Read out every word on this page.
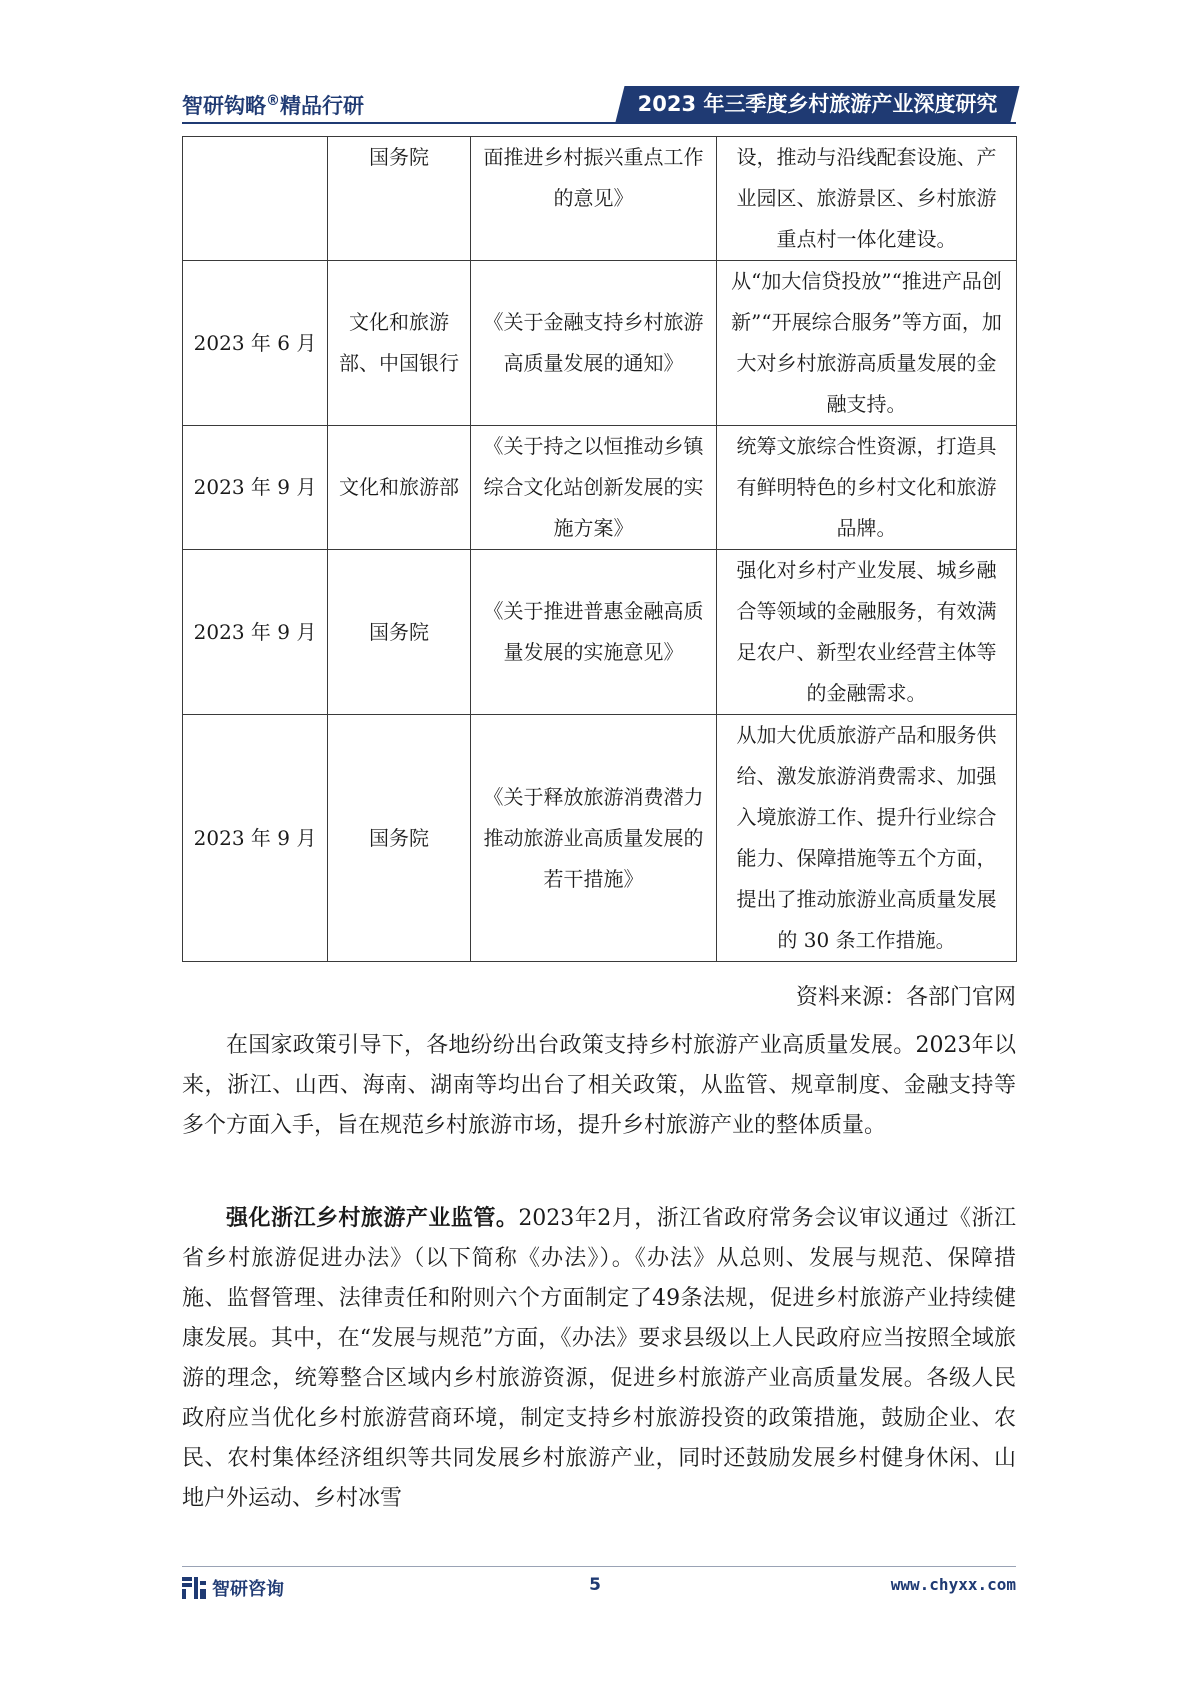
智研钩略®精品行研	2023 年三季度乡村旅游产业深度研究
	国务院	面推进乡村振兴重点工作的意见》	设，推动与沿线配套设施、产业园区、旅游景区、乡村旅游重点村一体化建设。
2023 年 6 月	文化和旅游部、中国银行	《关于金融支持乡村旅游高质量发展的通知》	从“加大信贷投放”“推进产品创新”“开展综合服务”等方面，加大对乡村旅游高质量发展的金融支持。
2023 年 9 月	文化和旅游部	《关于持之以恒推动乡镇综合文化站创新发展的实施方案》	统筹文旅综合性资源，打造具有鲜明特色的乡村文化和旅游品牌。
2023 年 9 月	国务院	《关于推进普惠金融高质量发展的实施意见》	强化对乡村产业发展、城乡融合等领域的金融服务，有效满足农户、新型农业经营主体等的金融需求。
2023 年 9 月	国务院	《关于释放旅游消费潜力推动旅游业高质量发展的若干措施》	从加大优质旅游产品和服务供给、激发旅游消费需求、加强入境旅游工作、提升行业综合能力、保障措施等五个方面，提出了推动旅游业高质量发展的 30 条工作措施。
资料来源：各部门官网

在国家政策引导下，各地纷纷出台政策支持乡村旅游产业高质量发展。2023年以来，浙江、山西、海南、湖南等均出台了相关政策，从监管、规章制度、金融支持等多个方面入手，旨在规范乡村旅游市场，提升乡村旅游产业的整体质量。

强化浙江乡村旅游产业监管。2023年2月，浙江省政府常务会议审议通过《浙江省乡村旅游促进办法》（以下简称《办法》）。《办法》从总则、发展与规范、保障措施、监督管理、法律责任和附则六个方面制定了49条法规，促进乡村旅游产业持续健康发展。其中，在“发展与规范”方面，《办法》要求县级以上人民政府应当按照全域旅游的理念，统筹整合区域内乡村旅游资源，促进乡村旅游产业高质量发展。各级人民政府应当优化乡村旅游营商环境，制定支持乡村旅游投资的政策措施，鼓励企业、农民、农村集体经济组织等共同发展乡村旅游产业，同时还鼓励发展乡村健身休闲、山地户外运动、乡村冰雪

智研咨询	5	www.chyxx.com
